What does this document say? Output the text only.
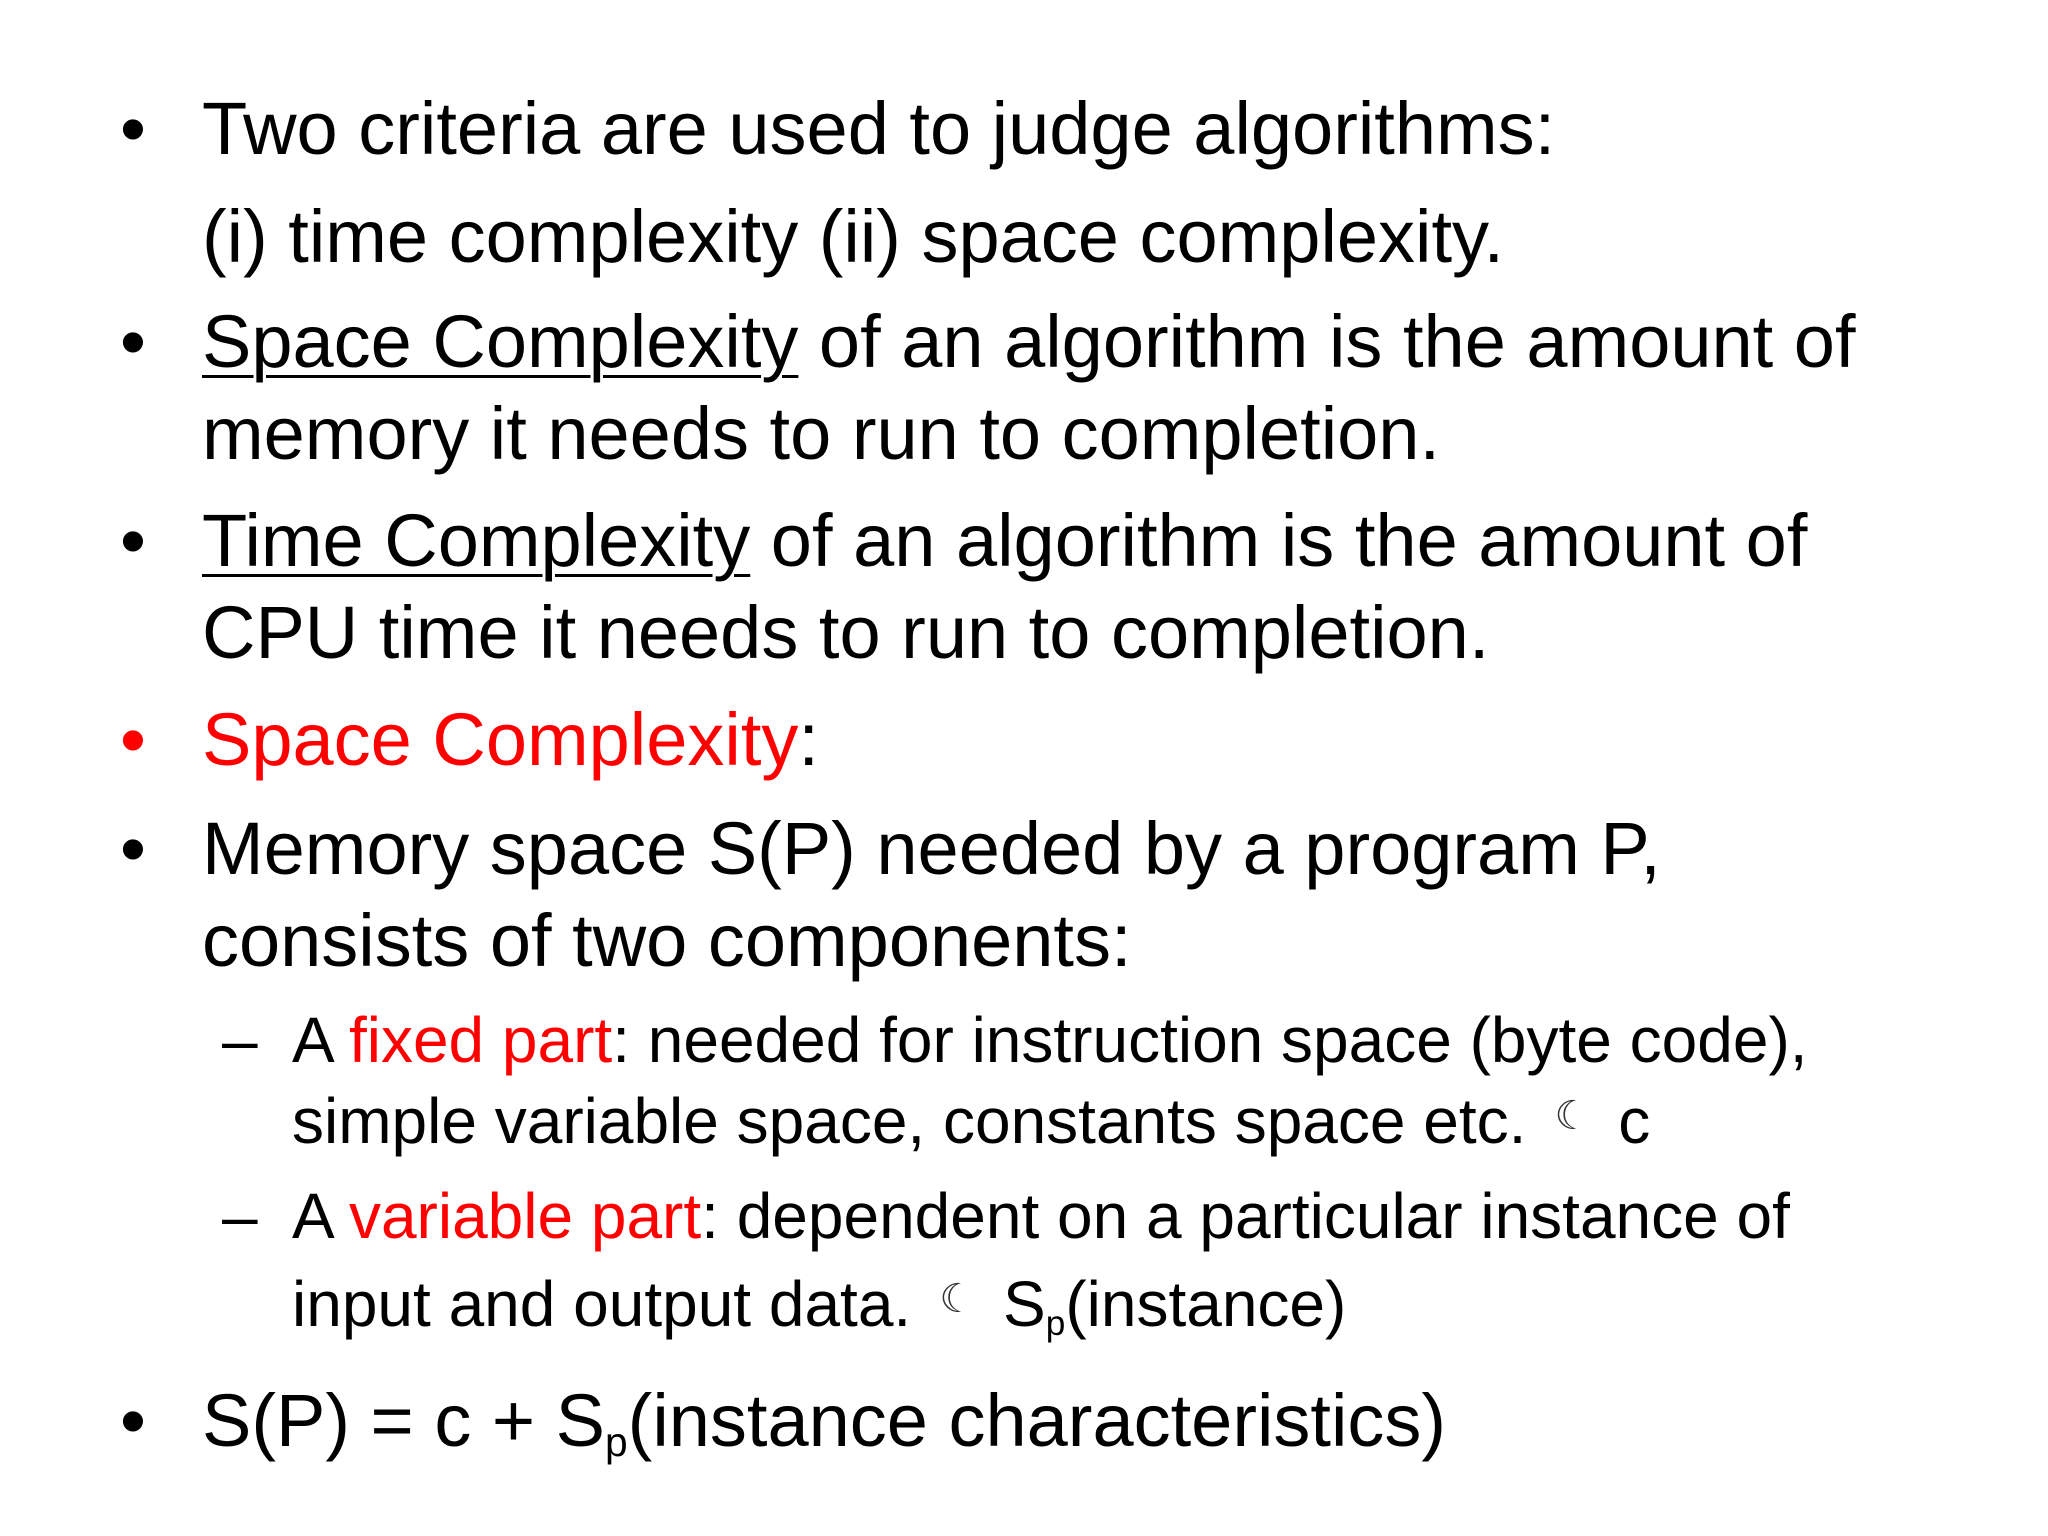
• Two criteria are used to judge algorithms:
(i) time complexity (ii) space complexity.
• Space Complexity of an algorithm is the amount of
memory it needs to run to completion.
• Time Complexity of an algorithm is the amount of
CPU time it needs to run to completion.
• Space Complexity:
• Memory space S(P) needed by a program P,
consists of two components:
– A fixed part: needed for instruction space (byte code),
simple variable space, constants space etc. ☾ c
– A variable part: dependent on a particular instance of
input and output data. ☾ $S_p(instance)$
• $S(P) = c + S_p(instance$ characteristics)
